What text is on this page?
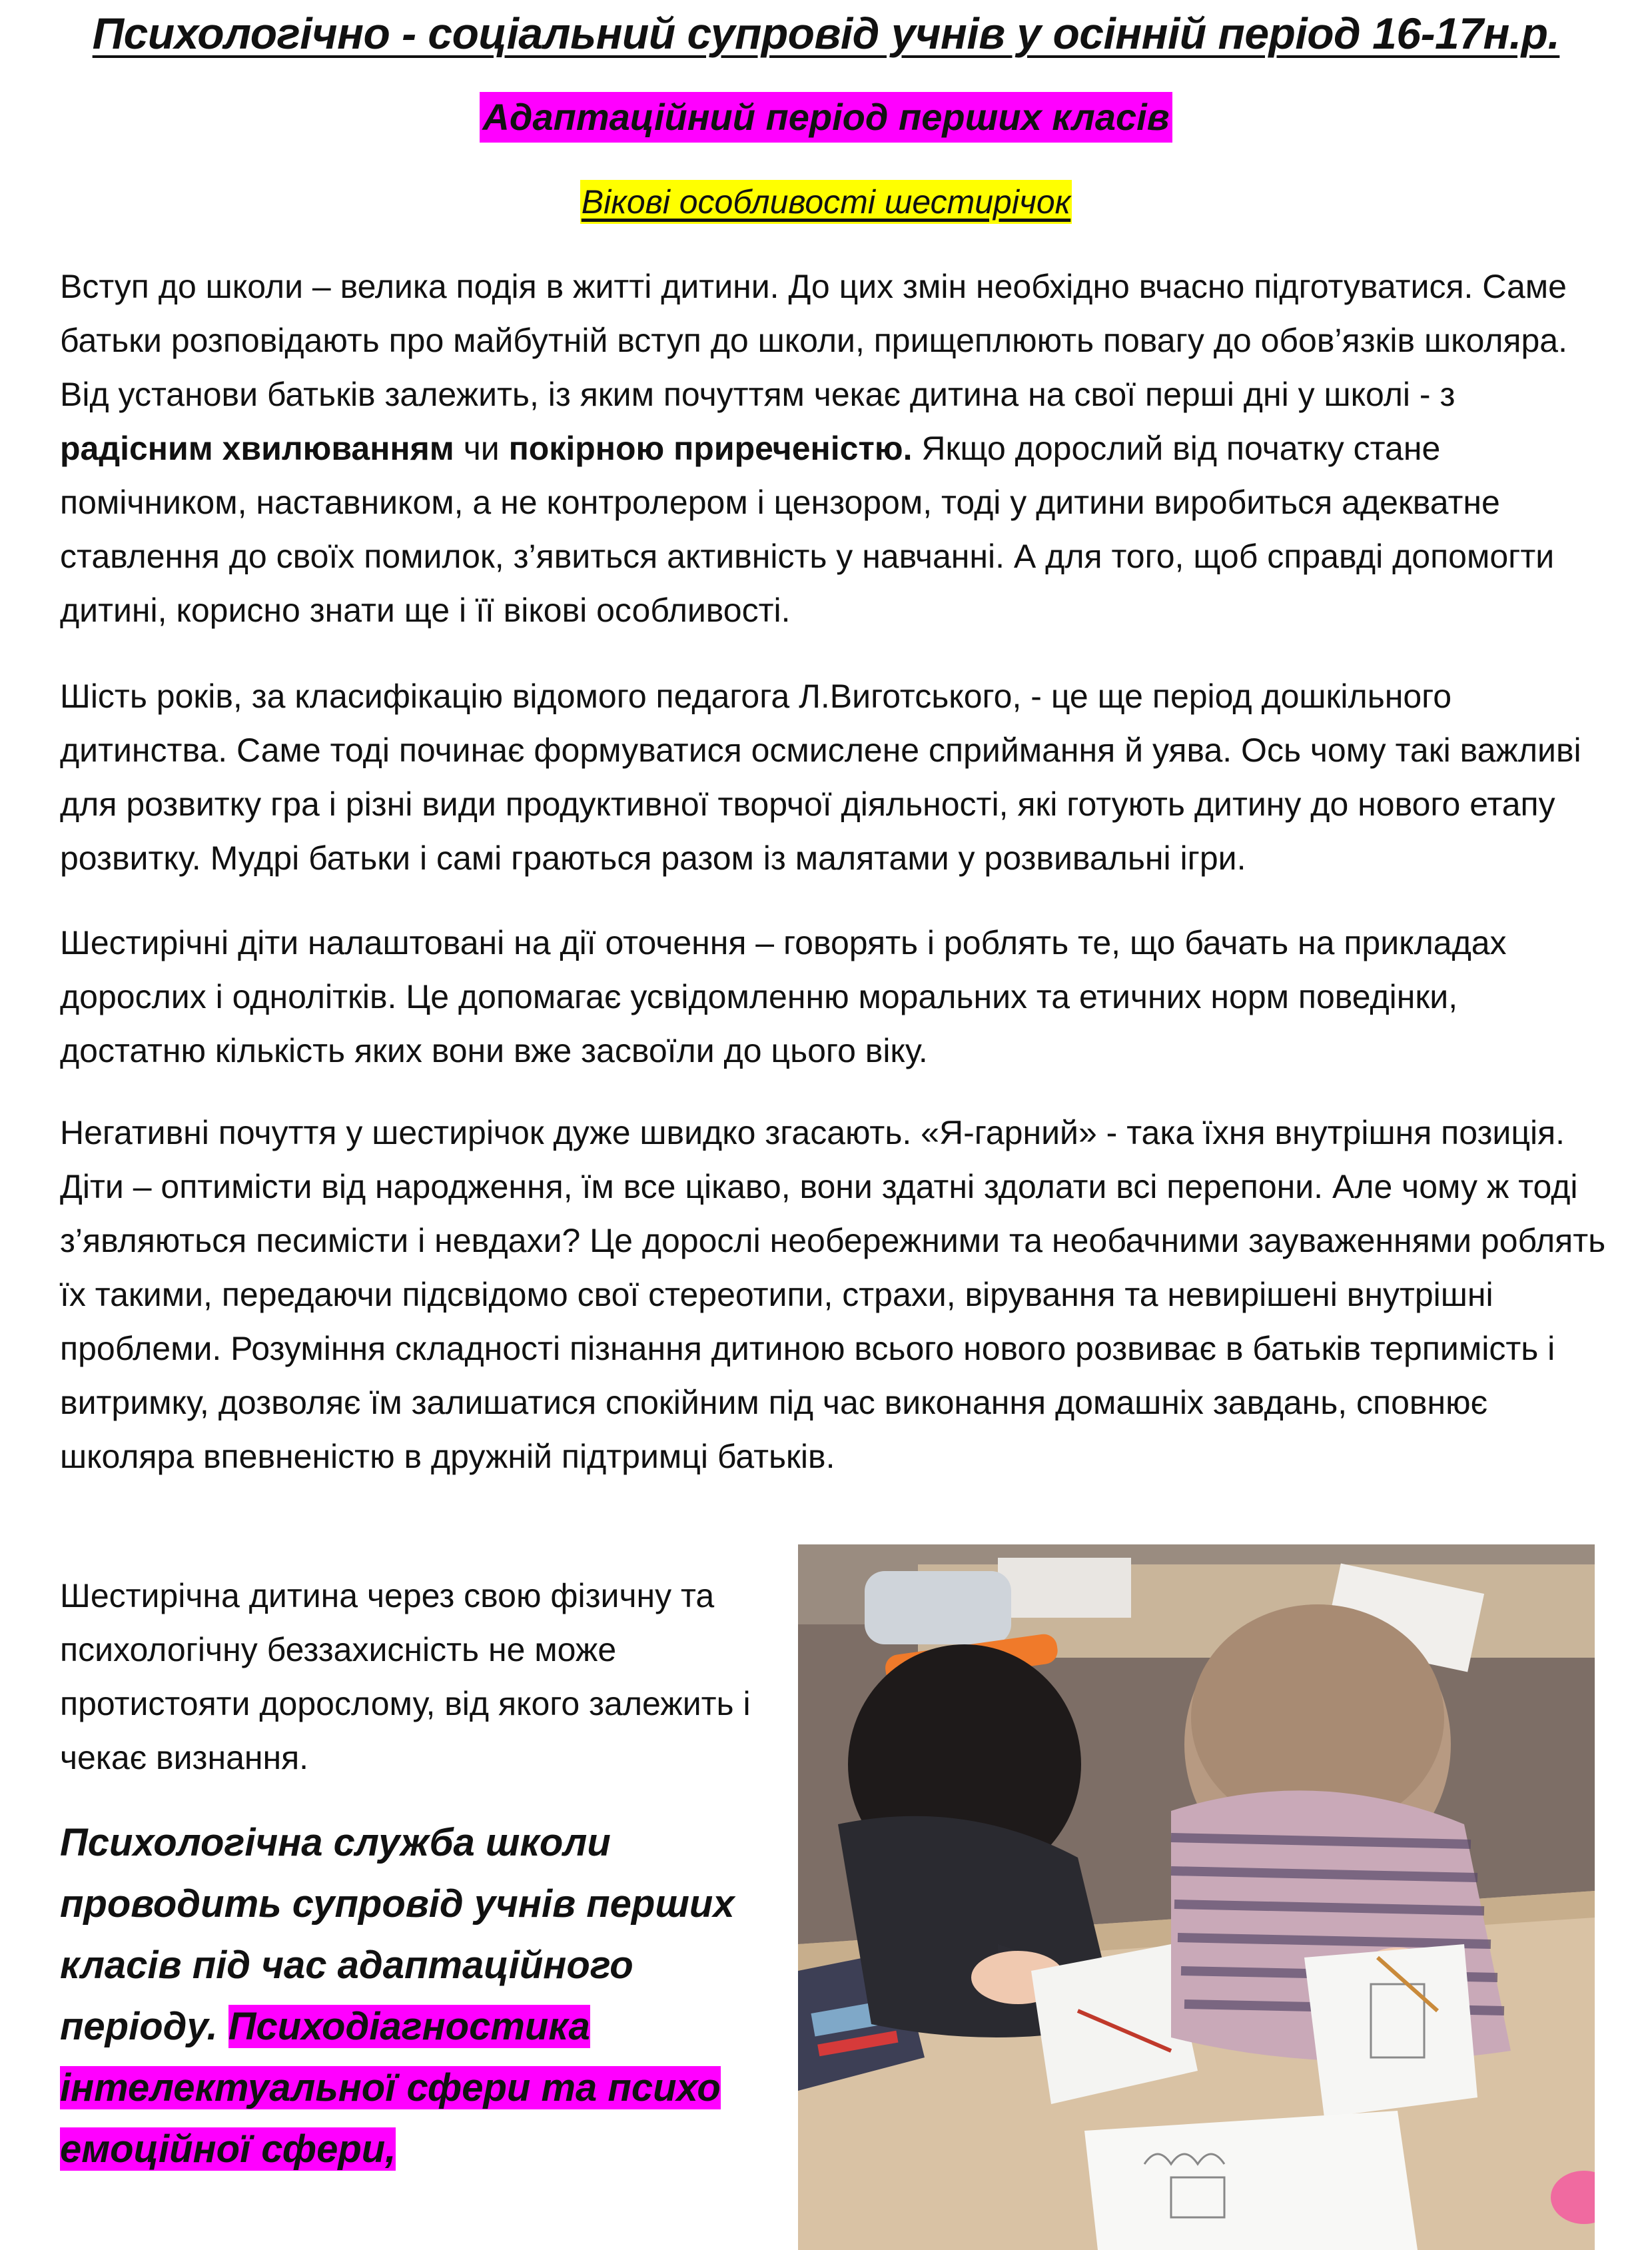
Психологічно - соціальний супровід учнів у осінній період 16-17н.р.
Адаптаційний період перших класів
Вікові особливості шестирічок

Вступ до школи – велика подія в житті дитини. До цих змін необхідно вчасно підготуватися. Саме батьки розповідають про майбутній вступ до школи, прищеплюють повагу до обов’язків школяра. Від установи батьків залежить, із яким почуттям чекає дитина на свої перші дні у школі - з радісним хвилюванням чи покірною приреченістю. Якщо дорослий від початку стане помічником, наставником, а не контролером і цензором, тоді у дитини виробиться адекватне ставлення до своїх помилок, з’явиться активність у навчанні. А для того, щоб справді допомогти дитині, корисно знати ще і її вікові особливості.

Шість років, за класифікацію відомого педагога Л.Виготського, - це ще період дошкільного дитинства. Саме тоді починає формуватися осмислене сприймання й уява. Ось чому такі важливі для розвитку гра і різні види продуктивної творчої діяльності, які готують дитину до нового етапу розвитку. Мудрі батьки і самі граються разом із малятами у розвивальні ігри.

Шестирічні діти налаштовані на дії оточення – говорять і роблять те, що бачать на прикладах дорослих і однолітків. Це допомагає усвідомленню моральних та етичних норм поведінки, достатню кількість яких вони вже засвоїли до цього віку.

Негативні почуття у шестирічок дуже швидко згасають. «Я-гарний» - така їхня внутрішня позиція. Діти – оптимісти від народження, їм все цікаво, вони здатні здолати всі перепони. Але чому ж тоді з’являються песимісти і невдахи? Це дорослі необережними та необачними зауваженнями роблять їх такими, передаючи підсвідомо свої стереотипи, страхи, вірування та невирішені внутрішні проблеми. Розуміння складності пізнання дитиною всього нового розвиває в батьків терпимість і витримку, дозволяє їм залишатися спокійним під час виконання домашніх завдань, сповнює школяра впевненістю в дружній підтримці батьків.

Шестирічна дитина через свою фізичну та психологічну беззахисність не може протистояти дорослому, від якого залежить і чекає визнання.

Психологічна служба школи проводить супровід учнів перших класів під час адаптаційного періоду. Психодіагностика інтелектуальної сфери та психо емоційної сфери,
